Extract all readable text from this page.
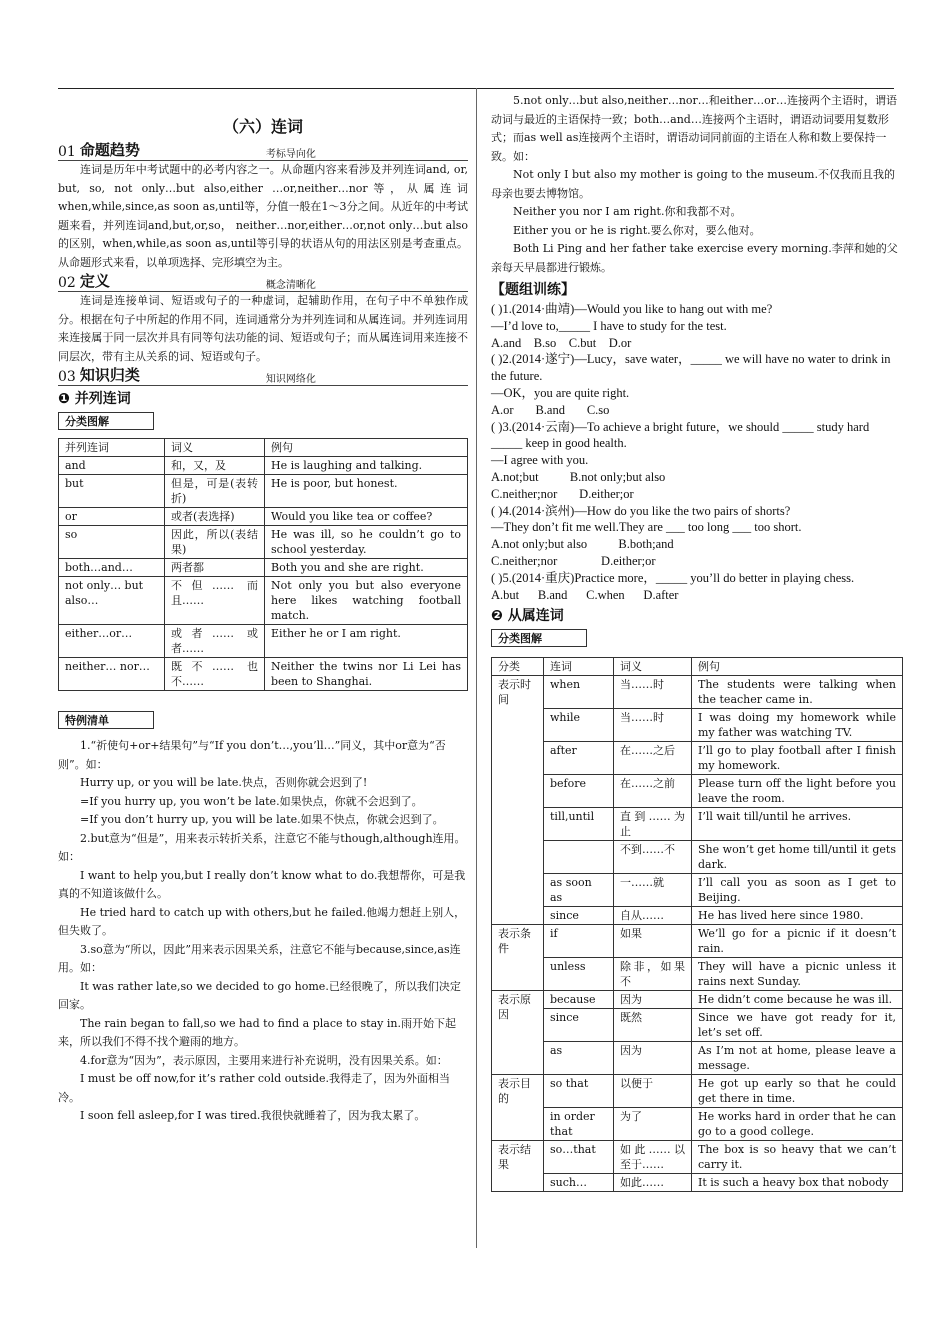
（六）连词
01 命题趋势	考标导向化

连词是历年中考试题中的必考内容之一。从命题内容来看涉及并列连词and, or, but, so, not only…but also,either …or,neither…nor等，从属连词when,while,since,as soon as,until等，分值一般在1～3分之间。从近年的中考试题来看，并列连词and,but,or,so， neither…nor,either…or,not only…but also的区别，when,while,as soon as,until等引导的状语从句的用法区别是考查重点。从命题形式来看，以单项选择、完形填空为主。

02 定义	概念清晰化

连词是连接单词、短语或句子的一种虚词，起辅助作用，在句子中不单独作成分。根据在句子中所起的作用不同，连词通常分为并列连词和从属连词。并列连词用来连接属于同一层次并具有同等句法功能的词、短语或句子；而从属连词用来连接不同层次，带有主从关系的词、短语或句子。

03 知识归类	知识网络化
❶ 并列连词
分类图解
并列连词	词义	例句
and	和，又，及	He is laughing and talking.
but	但是，可是(表转折)	He is poor, but honest.
or	或者(表选择)	Would you like tea or coffee?
so	因此，所以(表结果)	He was ill, so he couldn’t go to school yesterday.
both…and…	两者都	Both you and she are right.
not only… but also…	不但…… 而且……	Not only you but also everyone here likes watching football match.
either…or…	或者…… 或者……	Either he or I am right.
neither… nor…	既不…… 也不……	Neither the twins nor Li Lei has been to Shanghai.
特例清单

1.“祈使句+or+结果句”与“If you don’t…,you’ll…”同义，其中or意为“否则”。如：

Hurry up, or you will be late.快点，否则你就会迟到了!

=If you hurry up, you won’t be late.如果快点，你就不会迟到了。

=If you don’t hurry up, you will be late.如果不快点，你就会迟到了。

2.but意为“但是”，用来表示转折关系，注意它不能与though,although连用。如：

I want to help you,but I really don’t know what to do.我想帮你，可是我真的不知道该做什么。

He tried hard to catch up with others,but he failed.他竭力想赶上别人，但失败了。

3.so意为“所以，因此”用来表示因果关系，注意它不能与because,since,as连用。如：

It was rather late,so we decided to go home.已经很晚了，所以我们决定回家。

The rain began to fall,so we had to find a place to stay in.雨开始下起来，所以我们不得不找个避雨的地方。

4.for意为“因为”，表示原因，主要用来进行补充说明，没有因果关系。如：

I must be off now,for it’s rather cold outside.我得走了，因为外面相当冷。

I soon fell asleep,for I was tired.我很快就睡着了，因为我太累了。

5.not only…but also,neither…nor…和either…or…连接两个主语时，谓语动词与最近的主语保持一致；both…and…连接两个主语时，谓语动词要用复数形式；而as well as连接两个主语时，谓语动词同前面的主语在人称和数上要保持一致。如：

Not only I but also my mother is going to the museum.不仅我而且我的母亲也要去博物馆。

Neither you nor I am right.你和我都不对。

Either you or he is right.要么你对，要么他对。

Both Li Ping and her father take exercise every morning.李萍和她的父亲每天早晨都进行锻炼。

【题组训练】

( )1.(2014·曲靖)—Would you like to hang out with me?

—I’d love to,_____ I have to study for the test.

A.and    B.so    C.but    D.or

( )2.(2014·遂宁)—Lucy，save water，_____ we will have no water to drink in the future.

—OK，you are quite right.

A.or       B.and       C.so

( )3.(2014·云南)—To achieve a bright future，we should _____ study hard _____ keep in good health.

—I agree with you.

A.not;but          B.not only;but also

C.neither;nor       D.either;or

( )4.(2014·滨州)—How do you like the two pairs of shorts?

—They don’t fit me well.They are ___ too long ___ too short.

A.not only;but also          B.both;and

C.neither;nor              D.either;or

( )5.(2014·重庆)Practice more，_____ you’ll do better in playing chess.

A.but      B.and      C.when      D.after

❷ 从属连词
分类图解
分类	连词	词义	例句
表示时间	when	当……时	The students were talking when the teacher came in.
	while	当……时	I was doing my homework while my father was watching TV.
	after	在……之后	I’ll go to play football after I finish my homework.
	before	在……之前	Please turn off the light before you leave the room.
	till,until	直到……为止	I’ll wait till/until he arrives.
		不到……不	She won’t get home till/until it gets dark.
	as soon as	一……就	I’ll call you as soon as I get to Beijing.
	since	自从……	He has lived here since 1980.
表示条件	if	如果	We’ll go for a picnic if it doesn’t rain.
	unless	除非，如果不	They will have a picnic unless it rains next Sunday.
表示原因	because	因为	He didn’t come because he was ill.
	since	既然	Since we have got ready for it, let’s set off.
	as	因为	As I’m not at home, please leave a message.
表示目的	so that	以便于	He got up early so that he could get there in time.
	in order that	为了	He works hard in order that he can go to a good college.
表示结果	so…that	如此……以至于……	The box is so heavy that we can’t carry it.
	such…	如此……	It is such a heavy box that nobody
